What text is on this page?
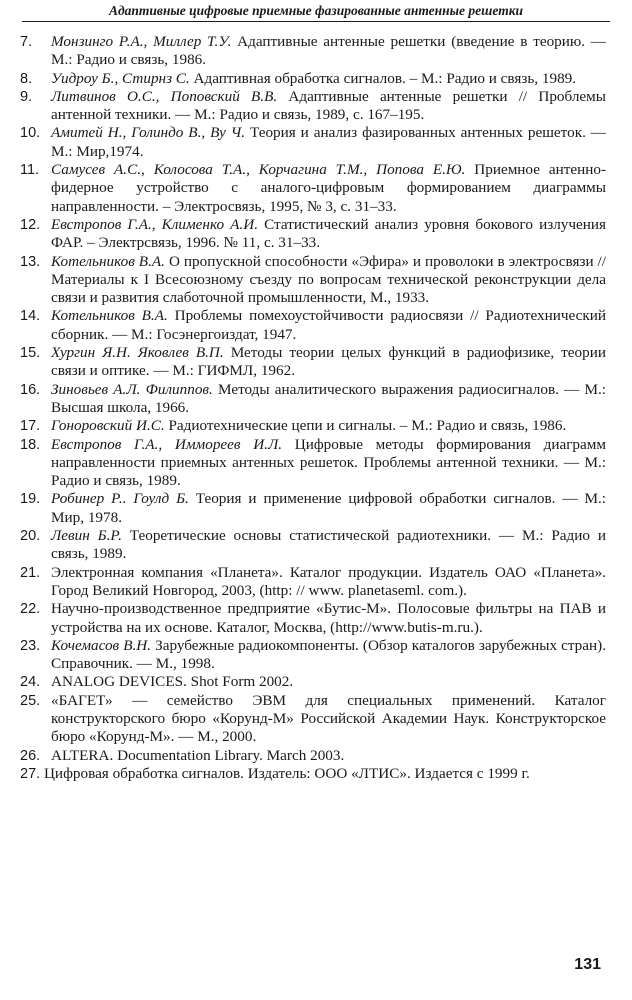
Адаптивные цифровые приемные фазированные антенные решетки
7. Монзинго Р.А., Миллер Т.У. Адаптивные антенные решетки (введение в теорию. — М.: Радио и связь, 1986.
8. Уидроу Б., Стирнз С. Адаптивная обработка сигналов. – М.: Радио и связь, 1989.
9. Литвинов О.С., Поповский В.В. Адаптивные антенные решетки // Проблемы антенной техники. — М.: Радио и связь, 1989, с. 167–195.
10. Амитей Н., Голиндо В., Ву Ч. Теория и анализ фазированных антенных решеток. — М.: Мир,1974.
11. Самусев А.С., Колосова Т.А., Корчагина Т.М., Попова Е.Ю. Приемное антенно- фидерное устройство с аналого-цифровым формированием диаграммы направленности. – Электросвязь, 1995, № 3, с. 31–33.
12. Евстропов Г.А., Клименко А.И. Статистический анализ уровня бокового излучения ФАР. – Электрсвязь, 1996. № 11, с. 31–33.
13. Котельников В.А. О пропускной способности «Эфира» и проволоки в электросвязи // Материалы к I Всесоюзному съезду по вопросам технической реконструкции дела связи и развития слаботочной промышленности, М., 1933.
14. Котельников В.А. Проблемы помехоустойчивости радиосвязи // Радиотехнический сборник. — М.: Госэнергоиздат, 1947.
15. Хургин Я.Н. Яковлев В.П. Методы теории целых функций в радиофизике, теории связи и оптике. — М.: ГИФМЛ, 1962.
16. Зиновьев А.Л. Филиппов. Методы аналитического выражения радиосигналов. — М.: Высшая школа, 1966.
17. Гоноровский И.С. Радиотехнические цепи и сигналы. – М.: Радио и связь, 1986.
18. Евстропов Г.А., Иммореев И.Л. Цифровые методы формирования диаграмм направленности приемных антенных решеток. Проблемы антенной техники. — М.: Радио и связь, 1989.
19. Робинер Р.. Гоулд Б. Теория и применение цифровой обработки сигналов. — М.: Мир, 1978.
20. Левин Б.Р. Теоретические основы статистической радиотехники. — М.: Радио и связь, 1989.
21. Электронная компания «Планета». Каталог продукции. Издатель ОАО «Планета». Город Великий Новгород, 2003, (http: // www. planetaseml. com.).
22. Научно-производственное предприятие «Бутис-М». Полосовые фильтры на ПАВ и устройства на их основе. Каталог, Москва, (http://www.butis-m.ru.).
23. Кочемасов В.Н. Зарубежные радиокомпоненты. (Обзор каталогов зарубежных стран). Справочник. — М., 1998.
24. ANALOG DEVICES. Shot Form 2002.
25. «БАГЕТ» — семейство ЭВМ для специальных применений. Каталог конструкторского бюро «Корунд-М» Российской Академии Наук. Конструкторское бюро «Корунд-М». — М., 2000.
26. ALTERA. Documentation Library. March 2003.
27. Цифровая обработка сигналов. Издатель: ООО «ЛТИС». Издается с 1999 г.
131
